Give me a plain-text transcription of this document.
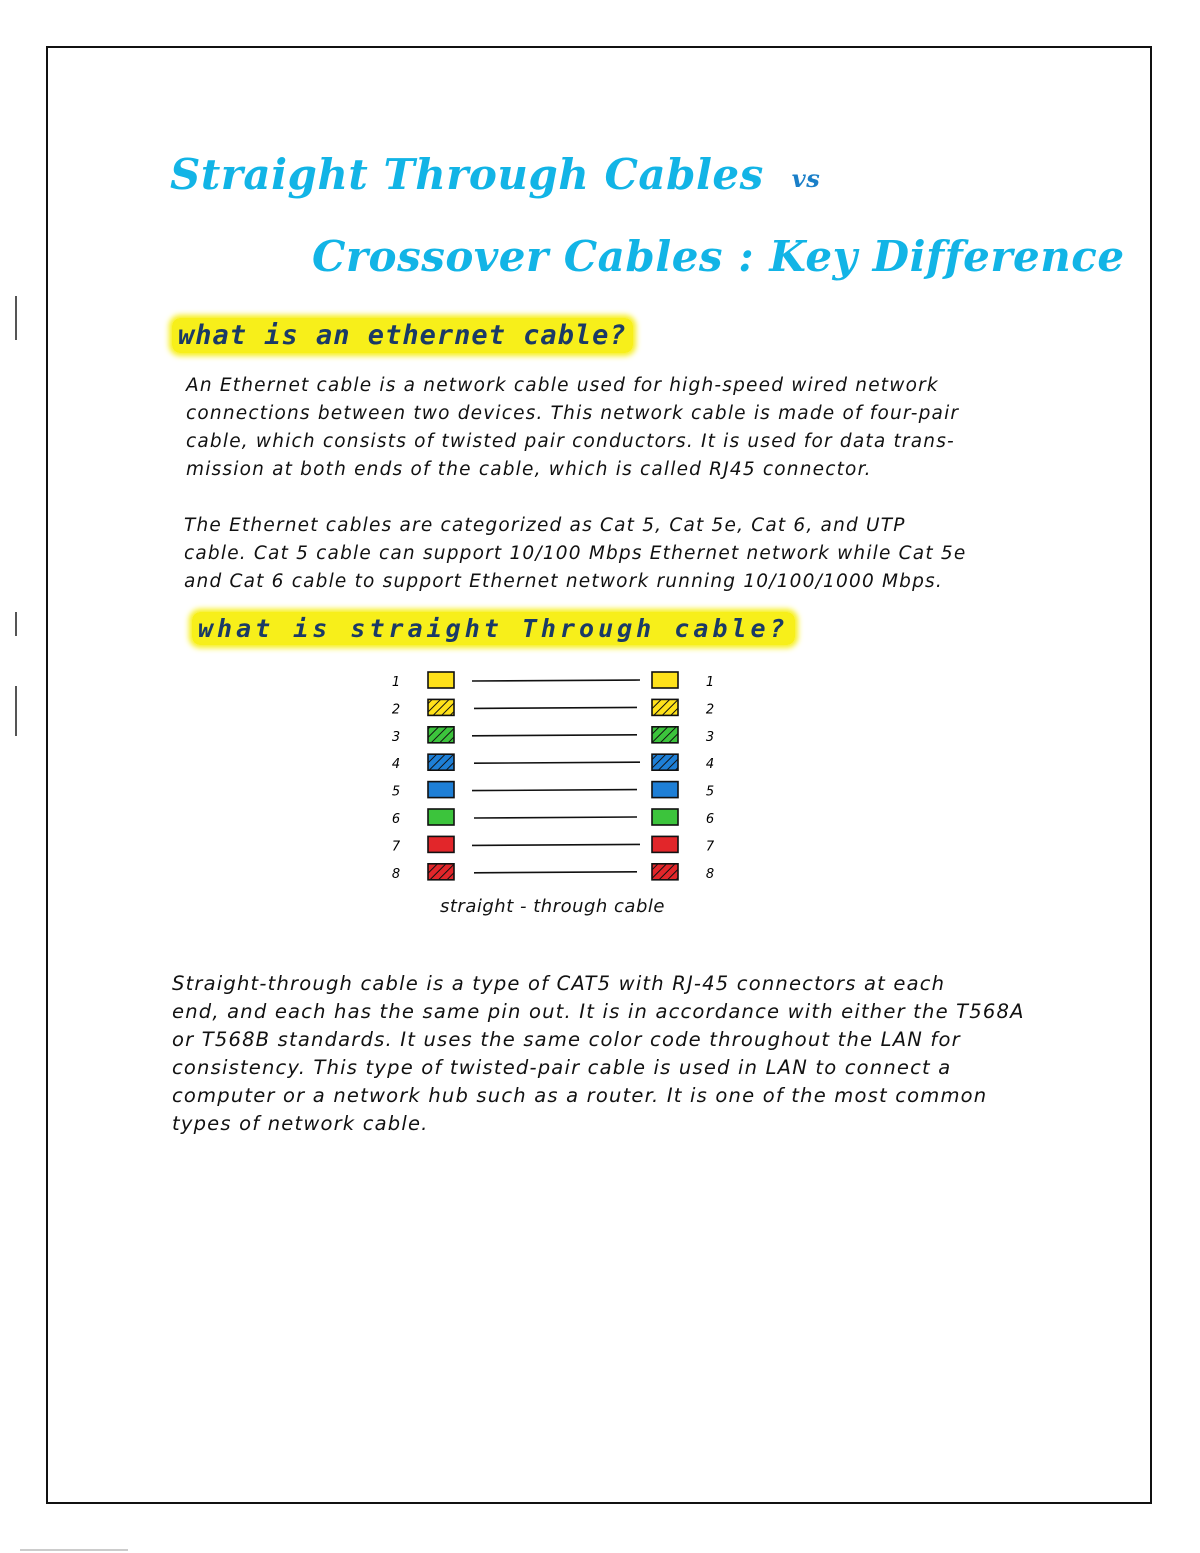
Straight Through Cables vs
Crossover Cables : Key Difference
what is an ethernet cable?
An Ethernet cable is a network cable used for high-speed wired network
connections between two devices. This network cable is made of four-pair
cable, which consists of twisted pair conductors. It is used for data trans-
mission at both ends of the cable, which is called RJ45 connector.
The Ethernet cables are categorized as Cat 5, Cat 5e, Cat 6, and UTP
cable. Cat 5 cable can support 10/100 Mbps Ethernet network while Cat 5e
and Cat 6 cable to support Ethernet network running 10/100/1000 Mbps.
what is straight Through cable?
1	1
2	2
3	3
4	4
5	5
6	6
7	7
8	8
straight - through cable
Straight-through cable is a type of CAT5 with RJ-45 connectors at each
end, and each has the same pin out. It is in accordance with either the T568A
or T568B standards. It uses the same color code throughout the LAN for
consistency. This type of twisted-pair cable is used in LAN to connect a
computer or a network hub such as a router. It is one of the most common
types of network cable.
